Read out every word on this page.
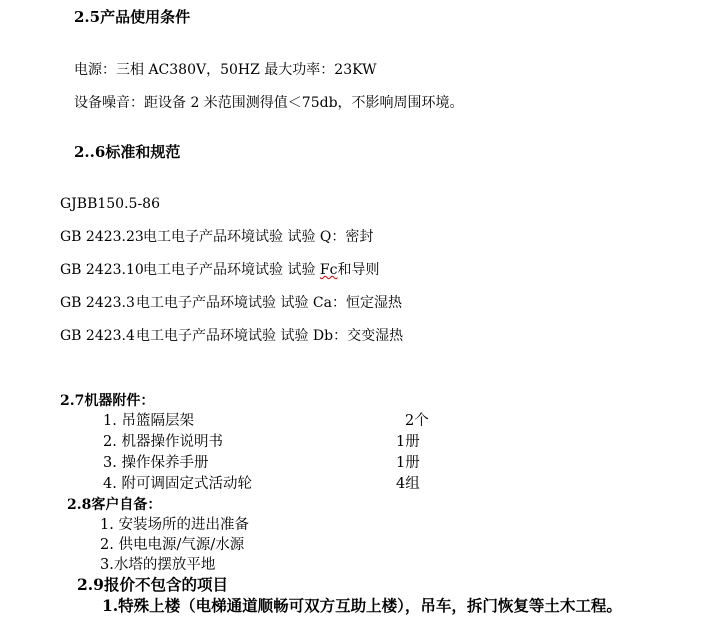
2.5产品使用条件
电源：三相 AC380V，50HZ 最大功率：23KW
设备噪音：距设备 2 米范围测得值＜75db，不影响周围环境。
2..6标准和规范
GJBB150.5-86
GB 2423.23 电工电子产品环境试验 试验 Q：密封
GB 2423.10 电工电子产品环境试验 试验 Fc和导则
GB 2423.3 电工电子产品环境试验 试验 Ca：恒定湿热
GB 2423.4 电工电子产品环境试验 试验 Db：交变湿热
2.7机器附件：
1. 吊篮隔层架	2个
2. 机器操作说明书	1册
3. 操作保养手册	1册
4. 附可调固定式活动轮	4组
2.8客户自备：
1. 安装场所的进出准备
2. 供电电源/气源/水源
3.水塔的摆放平地
2.9报价不包含的项目
1.特殊上楼（电梯通道顺畅可双方互助上楼），吊车，拆门恢复等土木工程。
